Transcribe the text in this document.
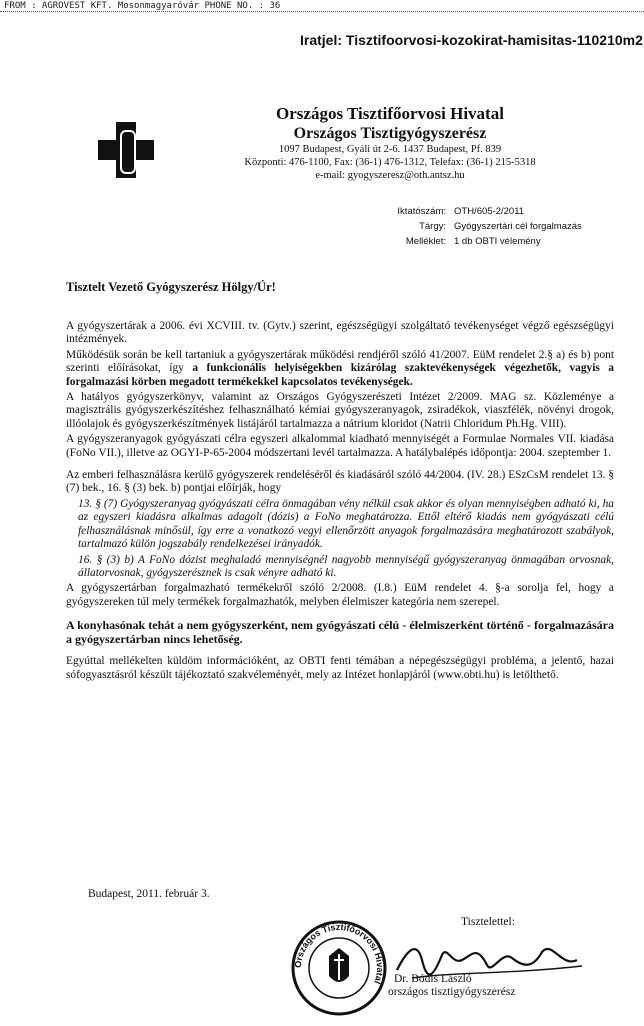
FROM : AGROVEST KFT. Mosonmagyaróvár PHONE NO. : 36
Iratjel: Tisztifoorvosi-kozokirat-hamisitas-110210m2
Országos Tisztifőorvosi Hivatal
Országos Tisztigyógyszerész
1097 Budapest, Gyáli út 2-6. 1437 Budapest, Pf. 839
Központi: 476-1100, Fax: (36-1) 476-1312, Telefax: (36-1) 215-5318
e-mail: gyogyszeresz@oth.antsz.hu
Iktatószám: OTH/605-2/2011
Tárgy: Gyógyszertári cél forgalmazás
Melléklet: 1 db OBTI vélemény
Tisztelt Vezető Gyógyszerész Hölgy/Úr!

A gyógyszertárak a 2006. évi XCVIII. tv. (Gytv.) szerint, egészségügyi szolgáltató tevékenységet végző egészségügyi intézmények.

Működésük során be kell tartaniuk a gyógyszertárak működési rendjéről szóló 41/2007. EüM rendelet 2.§ a) és b) pont szerinti előírásokat, így a funkcionális helyiségekben kizárólag szaktevékenységek végezhetők, vagyis a forgalmazási körben megadott termékekkel kapcsolatos tevékenységek.

A hatályos gyógyszerkönyv, valamint az Országos Gyógyszerészeti Intézet 2/2009. MAG sz. Közleménye a magisztrális gyógyszerkészítéshez felhasználható kémiai gyógyszeranyagok, zsiradékok, viaszfélék, növényi drogok, illóolajok és gyógyszerkészítmények listájáról tartalmazza a nátrium kloridot (Natrii Chloridum Ph.Hg. VIII).

A gyógyszeranyagok gyógyászati célra egyszeri alkalommal kiadható mennyiségét a Formulae Normales VII. kiadása (FoNo VII.), illetve az OGYI-P-65-2004 módszertani levél tartalmazza. A hatálybalépés időpontja: 2004. szeptember 1.

Az emberi felhasználásra kerülő gyógyszerek rendeléséről és kiadásáról szóló 44/2004. (IV. 28.) ESzCsM rendelet 13. § (7) bek., 16. § (3) bek. b) pontjai előírják, hogy

13. § (7) Gyógyszeranyag gyógyászati célra önmagában vény nélkül csak akkor és olyan mennyiségben adható ki, ha az egyszeri kiadásra alkalmas adagolt (dózis) a FoNo meghatározza. Ettől eltérő kiadás nem gyógyászati célú felhasználásnak minősül, így erre a vonatkozó vegyi ellenőrzött anyagok forgalmazására meghatározott szabályok, tartalmazó külön jogszabály rendelkezései irányadók.

16. § (3) b) A FoNo dózist meghaladó mennyiségnél nagyobb mennyiségű gyógyszeranyag önmagában orvosnak, állatorvosnak, gyógyszerésznek is csak vényre adható ki.

A gyógyszertárban forgalmazható termékekről szóló 2/2008. (I.8.) EüM rendelet 4. §-a sorolja fel, hogy a gyógyszereken túl mely termékek forgalmazhatók, melyben élelmiszer kategória nem szerepel.

A konyhasónak tehát a nem gyógyszerként, nem gyógyászati célú - élelmiszerként történő - forgalmazására a gyógyszertárban nincs lehetőség.

Egyúttal mellékelten küldöm információként, az OBTI fenti témában a népegészségügyi probléma, a jelentő, hazai sófogyasztásról készült tájékoztató szakvéleményét, mely az Intézet honlapjáról (www.obti.hu) is letölthető.

Budapest, 2011. február 3.
Országos Tisztifőorvosi Hivatal
Tisztelettel:
Dr. Bódis László
országos tisztigyógyszerész
